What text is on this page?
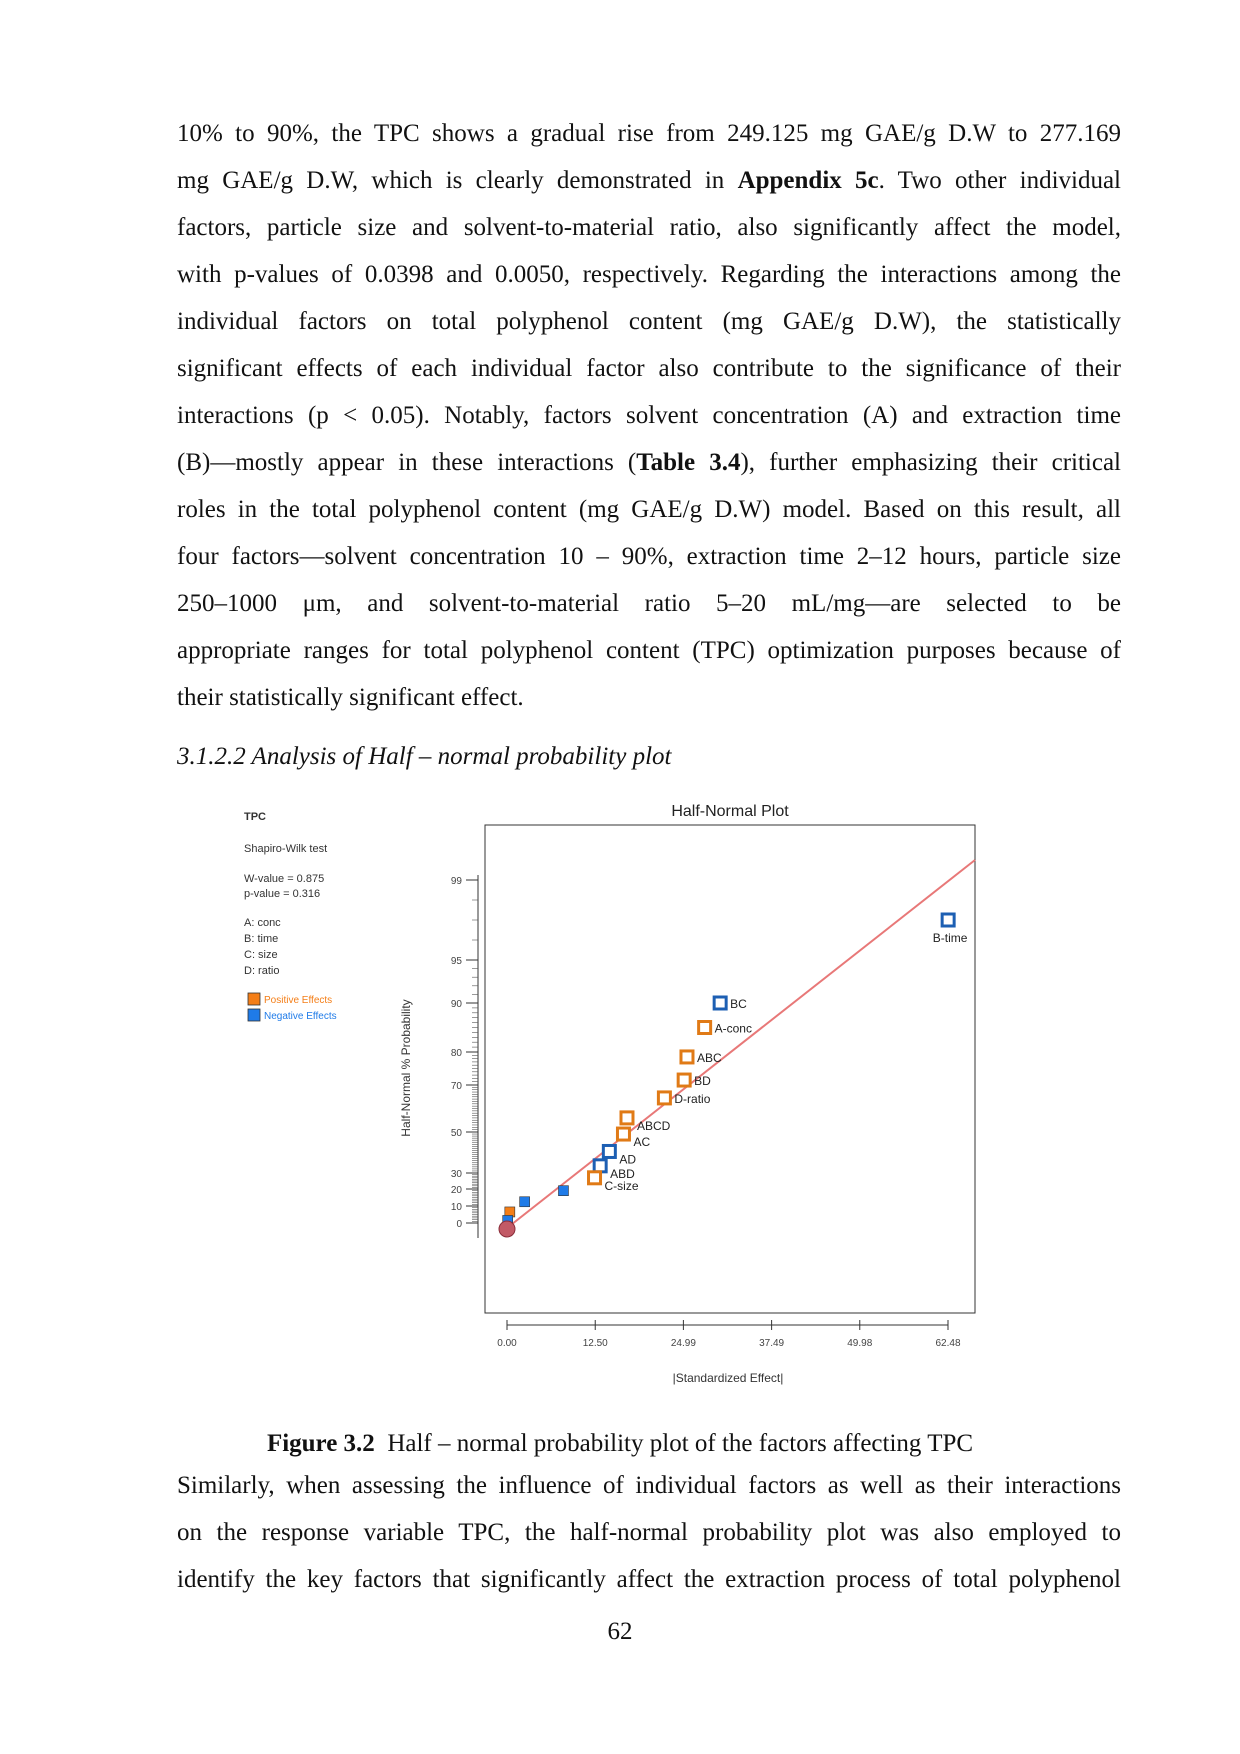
10% to 90%, the TPC shows a gradual rise from 249.125 mg GAE/g D.W to 277.169
mg GAE/g D.W, which is clearly demonstrated in Appendix 5c. Two other individual
factors, particle size and solvent-to-material ratio, also significantly affect the model,
with p-values of 0.0398 and 0.0050, respectively. Regarding the interactions among the
individual factors on total polyphenol content (mg GAE/g D.W), the statistically
significant effects of each individual factor also contribute to the significance of their
interactions (p < 0.05). Notably, factors solvent concentration (A) and extraction time
(B)—mostly appear in these interactions (Table 3.4), further emphasizing their critical
roles in the total polyphenol content (mg GAE/g D.W) model. Based on this result, all
four factors—solvent concentration 10 – 90%, extraction time 2–12 hours, particle size
250–1000 μm, and solvent-to-material ratio 5–20 mL/mg—are selected to be
appropriate ranges for total polyphenol content (TPC) optimization purposes because of
their statistically significant effect.
3.1.2.2 Analysis of Half – normal probability plot
TPC
Shapiro-Wilk test
W-value = 0.875
p-value = 0.316
A: conc
B: time
C: size
D: ratio
Positive Effects
Negative Effects
Half-Normal Plot
0
10
20
30
50
70
80
90
95
99
Half-Normal % Probability
0.00	12.50	24.99	37.49	49.98	62.48
|Standardized Effect|
B-time
BC
A-conc
ABC
BD
D-ratio
ABCD
AC
AD
ABD
C-size
Figure 3.2  Half – normal probability plot of the factors affecting TPC
Similarly, when assessing the influence of individual factors as well as their interactions
on the response variable TPC, the half-normal probability plot was also employed to
identify the key factors that significantly affect the extraction process of total polyphenol
62
